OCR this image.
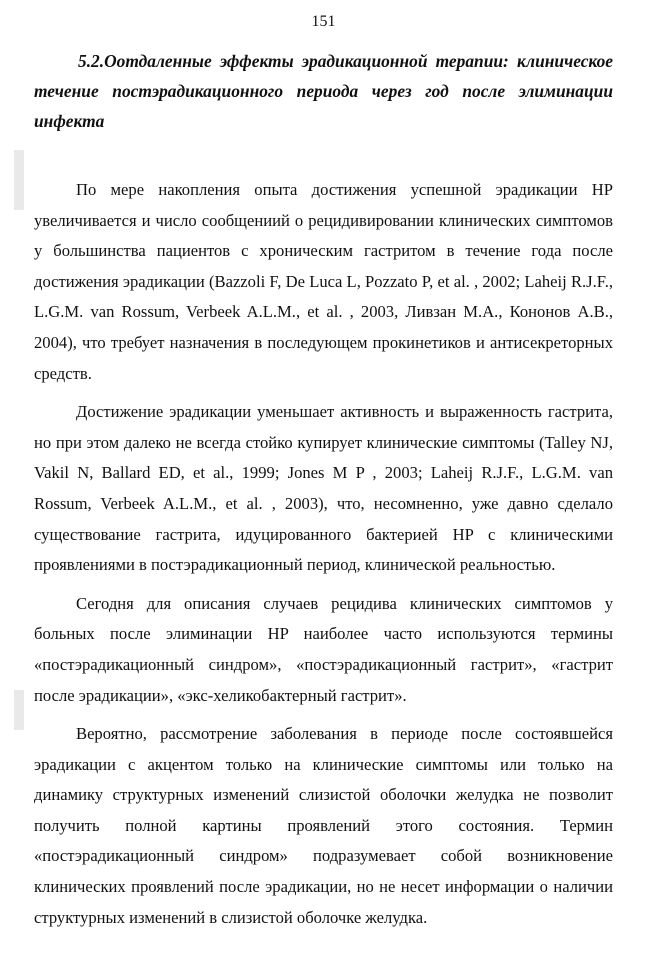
151
5.2.Оотдаленные эффекты эрадикационной терапии: клиническое течение постэрадикационного периода через год после элиминации инфекта

По мере накопления опыта достижения успешной эрадикации HP увеличивается и число сообщениий о рецидивировании клинических симптомов у большинства пациентов с хроническим гастритом в течение года после достижения эрадикации (Bazzoli F, De Luca L, Pozzato P, et al. , 2002; Laheij R.J.F., L.G.M. van Rossum, Verbeek A.L.M., et al. , 2003, Ливзан М.А., Кононов А.В., 2004), что требует назначения в последующем прокинетиков и антисекреторных средств.

Достижение эрадикации уменьшает активность и выраженность гастрита, но при этом далеко не всегда стойко купирует клинические симптомы (Talley NJ, Vakil N, Ballard ED, et al., 1999; Jones M P , 2003; Laheij R.J.F., L.G.M. van Rossum, Verbeek A.L.M., et al. , 2003), что, несомненно, уже давно сделало существование гастрита, идуцированного бактерией HP с клиническими проявлениями в постэрадикационный период, клинической реальностью.

Сегодня для описания случаев рецидива клинических симптомов у больных после элиминации HP наиболее часто используются термины «постэрадикационный синдром», «постэрадикационный гастрит», «гастрит после эрадикации», «экс-хеликобактерный гастрит».

Вероятно, рассмотрение заболевания в периоде после состоявшейся эрадикации с акцентом только на клинические симптомы или только на динамику структурных изменений слизистой оболочки желудка не позволит получить полной картины проявлений этого состояния. Термин «постэрадикационный синдром» подразумевает собой возникновение клинических проявлений после эрадикации, но не несет информации о наличии структурных изменений в слизистой оболочке желудка.
